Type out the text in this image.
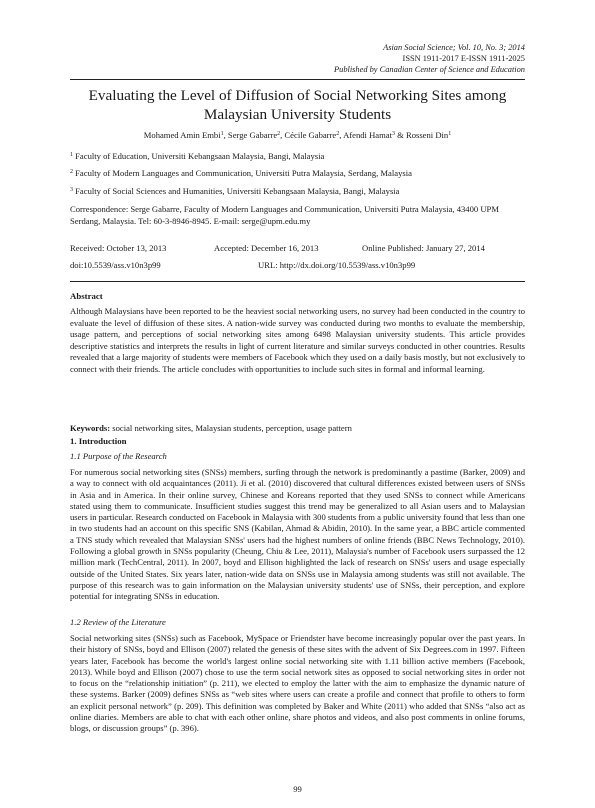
Asian Social Science; Vol. 10, No. 3; 2014
ISSN 1911-2017 E-ISSN 1911-2025
Published by Canadian Center of Science and Education
Evaluating the Level of Diffusion of Social Networking Sites among Malaysian University Students
Mohamed Amin Embi$^1$, Serge Gabarre$^2$, Cécile Gabarre$^2$, Afendi Hamat$^3$ & Rosseni Din$^1$
$^1$ Faculty of Education, Universiti Kebangsaan Malaysia, Bangi, Malaysia
$^2$ Faculty of Modern Languages and Communication, Universiti Putra Malaysia, Serdang, Malaysia
$^3$ Faculty of Social Sciences and Humanities, Universiti Kebangsaan Malaysia, Bangi, Malaysia
Correspondence: Serge Gabarre, Faculty of Modern Languages and Communication, Universiti Putra Malaysia, 43400 UPM Serdang, Malaysia. Tel: 60-3-8946-8945. E-mail: serge@upm.edu.my
Received: October 13, 2013	Accepted: December 16, 2013	Online Published: January 27, 2014
doi:10.5539/ass.v10n3p99	URL: http://dx.doi.org/10.5539/ass.v10n3p99
Abstract
Although Malaysians have been reported to be the heaviest social networking users, no survey had been conducted in the country to evaluate the level of diffusion of these sites. A nation-wide survey was conducted during two months to evaluate the membership, usage pattern, and perceptions of social networking sites among 6498 Malaysian university students. This article provides descriptive statistics and interprets the results in light of current literature and similar surveys conducted in other countries. Results revealed that a large majority of students were members of Facebook which they used on a daily basis mostly, but not exclusively to connect with their friends. The article concludes with opportunities to include such sites in formal and informal learning.
Keywords: social networking sites, Malaysian students, perception, usage pattern
1. Introduction
1.1 Purpose of the Research
For numerous social networking sites (SNSs) members, surfing through the network is predominantly a pastime (Barker, 2009) and a way to connect with old acquaintances (2011). Ji et al. (2010) discovered that cultural differences existed between users of SNSs in Asia and in America. In their online survey, Chinese and Koreans reported that they used SNSs to connect while Americans stated using them to communicate. Insufficient studies suggest this trend may be generalized to all Asian users and to Malaysian users in particular. Research conducted on Facebook in Malaysia with 300 students from a public university found that less than one in two students had an account on this specific SNS (Kabilan, Ahmad & Abidin, 2010). In the same year, a BBC article commented a TNS study which revealed that Malaysian SNSs' users had the highest numbers of online friends (BBC News Technology, 2010). Following a global growth in SNSs popularity (Cheung, Chiu & Lee, 2011), Malaysia's number of Facebook users surpassed the 12 million mark (TechCentral, 2011). In 2007, boyd and Ellison highlighted the lack of research on SNSs' users and usage especially outside of the United States. Six years later, nation-wide data on SNSs use in Malaysia among students was still not available. The purpose of this research was to gain information on the Malaysian university students' use of SNSs, their perception, and explore potential for integrating SNSs in education.
1.2 Review of the Literature
Social networking sites (SNSs) such as Facebook, MySpace or Friendster have become increasingly popular over the past years. In their history of SNSs, boyd and Ellison (2007) related the genesis of these sites with the advent of Six Degrees.com in 1997. Fifteen years later, Facebook has become the world's largest online social networking site with 1.11 billion active members (Facebook, 2013). While boyd and Ellison (2007) chose to use the term social network sites as opposed to social networking sites in order not to focus on the “relationship initiation” (p. 211), we elected to employ the latter with the aim to emphasize the dynamic nature of these systems. Barker (2009) defines SNSs as “web sites where users can create a profile and connect that profile to others to form an explicit personal network” (p. 209). This definition was completed by Baker and White (2011) who added that SNSs “also act as online diaries. Members are able to chat with each other online, share photos and videos, and also post comments in online forums, blogs, or discussion groups” (p. 396).
99
